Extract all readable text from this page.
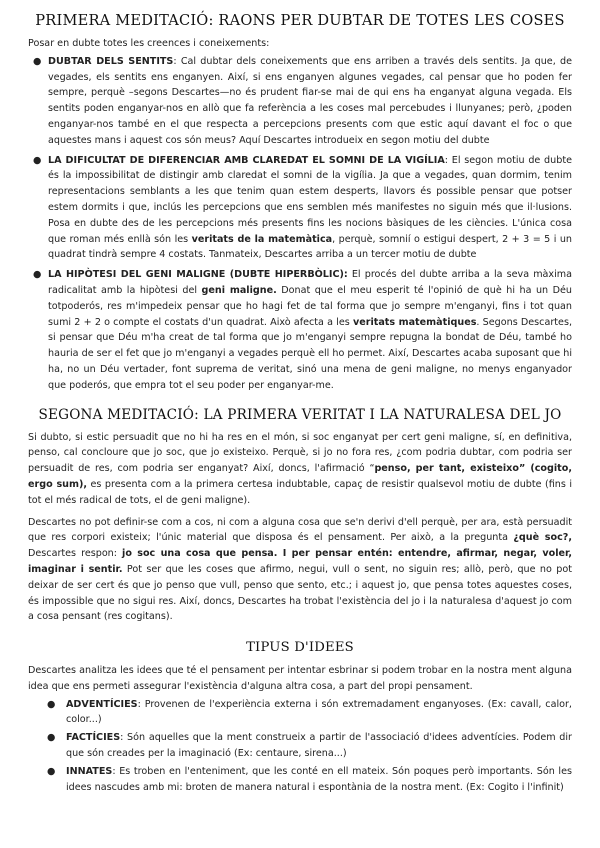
PRIMERA MEDITACIÓ: RAONS PER DUBTAR DE TOTES LES COSES

Posar en dubte totes les creences i coneixements:

● DUBTAR DELS SENTITS: Cal dubtar dels coneixements que ens arriben a través dels sentits. Ja que, de vegades, els sentits ens enganyen. Així, si ens enganyen algunes vegades, cal pensar que ho poden fer sempre, perquè –segons Descartes—no és prudent fiar-se mai de qui ens ha enganyat alguna vegada. Els sentits poden enganyar-nos en allò que fa referència a les coses mal percebudes i llunyanes; però, ¿poden enganyar-nos també en el que respecta a percepcions presents com que estic aquí davant el foc o que aquestes mans i aquest cos són meus? Aquí Descartes introdueix en segon motiu del dubte
● LA DIFICULTAT DE DIFERENCIAR AMB CLAREDAT EL SOMNI DE LA VIGÍLIA: El segon motiu de dubte és la impossibilitat de distingir amb claredat el somni de la vigília. Ja que a vegades, quan dormim, tenim representacions semblants a les que tenim quan estem desperts, llavors és possible pensar que potser estem dormits i que, inclús les percepcions que ens semblen més manifestes no siguin més que il·lusions. Posa en dubte des de les percepcions més presents fins les nocions bàsiques de les ciències. L'única cosa que roman més enllà són les veritats de la matemàtica, perquè, somnií o estigui despert, 2 + 3 = 5 i un quadrat tindrà sempre 4 costats. Tanmateix, Descartes arriba a un tercer motiu de dubte
● LA HIPÒTESI DEL GENI MALIGNE (DUBTE HIPERBÒLIC): El procés del dubte arriba a la seva màxima radicalitat amb la hipòtesi del geni maligne. Donat que el meu esperit té l'opinió de què hi ha un Déu totpoderós, res m'impedeix pensar que ho hagi fet de tal forma que jo sempre m'enganyi, fins i tot quan sumi 2 + 2 o compte el costats d'un quadrat. Això afecta a les veritats matemàtiques. Segons Descartes, si pensar que Déu m'ha creat de tal forma que jo m'enganyi sempre repugna la bondat de Déu, també ho hauria de ser el fet que jo m'enganyi a vegades perquè ell ho permet. Així, Descartes acaba suposant que hi ha, no un Déu vertader, font suprema de veritat, sinó una mena de geni maligne, no menys enganyador que poderós, que empra tot el seu poder per enganyar-me.
SEGONA MEDITACIÓ: LA PRIMERA VERITAT I LA NATURALESA DEL JO

Si dubto, si estic persuadit que no hi ha res en el món, si soc enganyat per cert geni maligne, sí, en definitiva, penso, cal concloure que jo soc, que jo existeixo. Perquè, si jo no fora res, ¿com podria dubtar, com podria ser persuadit de res, com podria ser enganyat? Així, doncs, l'afirmació “penso, per tant, existeixo” (cogito, ergo sum), es presenta com a la primera certesa indubtable, capaç de resistir qualsevol motiu de dubte (fins i tot el més radical de tots, el de geni maligne).

Descartes no pot definir-se com a cos, ni com a alguna cosa que se'n derivi d'ell perquè, per ara, està persuadit que res corpori existeix; l'únic material que disposa és el pensament. Per això, a la pregunta ¿què soc?, Descartes respon: jo soc una cosa que pensa. I per pensar entén: entendre, afirmar, negar, voler, imaginar i sentir. Pot ser que les coses que afirmo, negui, vull o sent, no siguin res; allò, però, que no pot deixar de ser cert és que jo penso que vull, penso que sento, etc.; i aquest jo, que pensa totes aquestes coses, és impossible que no sigui res. Així, doncs, Descartes ha trobat l'existència del jo i la naturalesa d'aquest jo com a cosa pensant (res cogitans).

TIPUS D'IDEES

Descartes analitza les idees que té el pensament per intentar esbrinar si podem trobar en la nostra ment alguna idea que ens permeti assegurar l'existència d'alguna altra cosa, a part del propi pensament.

● ADVENTÍCIES: Provenen de l'experiència externa i són extremadament enganyoses. (Ex: cavall, calor, color...)
● FACTÍCIES: Són aquelles que la ment construeix a partir de l'associació d'idees adventícies. Podem dir que són creades per la imaginació (Ex: centaure, sirena...)
● INNATES: Es troben en l'enteniment, que les conté en ell mateix. Són poques però importants. Són les idees nascudes amb mi: broten de manera natural i espontània de la nostra ment. (Ex: Cogito i l'infinit)
